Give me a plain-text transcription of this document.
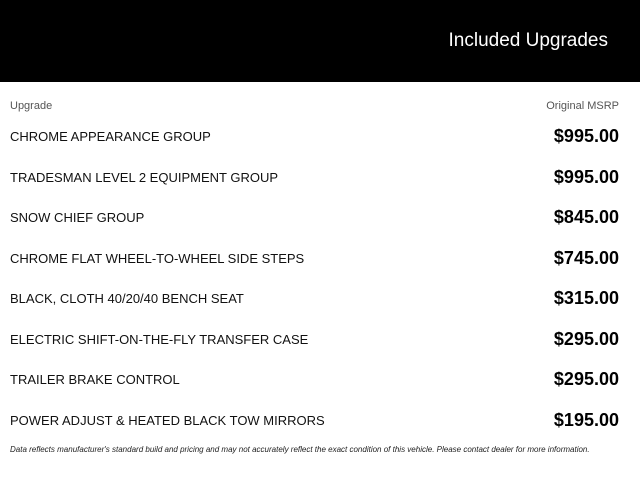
Included Upgrades
Upgrade	Original MSRP
CHROME APPEARANCE GROUP	$995.00
TRADESMAN LEVEL 2 EQUIPMENT GROUP	$995.00
SNOW CHIEF GROUP	$845.00
CHROME FLAT WHEEL-TO-WHEEL SIDE STEPS	$745.00
BLACK, CLOTH 40/20/40 BENCH SEAT	$315.00
ELECTRIC SHIFT-ON-THE-FLY TRANSFER CASE	$295.00
TRAILER BRAKE CONTROL	$295.00
POWER ADJUST & HEATED BLACK TOW MIRRORS	$195.00
Data reflects manufacturer's standard build and pricing and may not accurately reflect the exact condition of this vehicle. Please contact dealer for more information.
